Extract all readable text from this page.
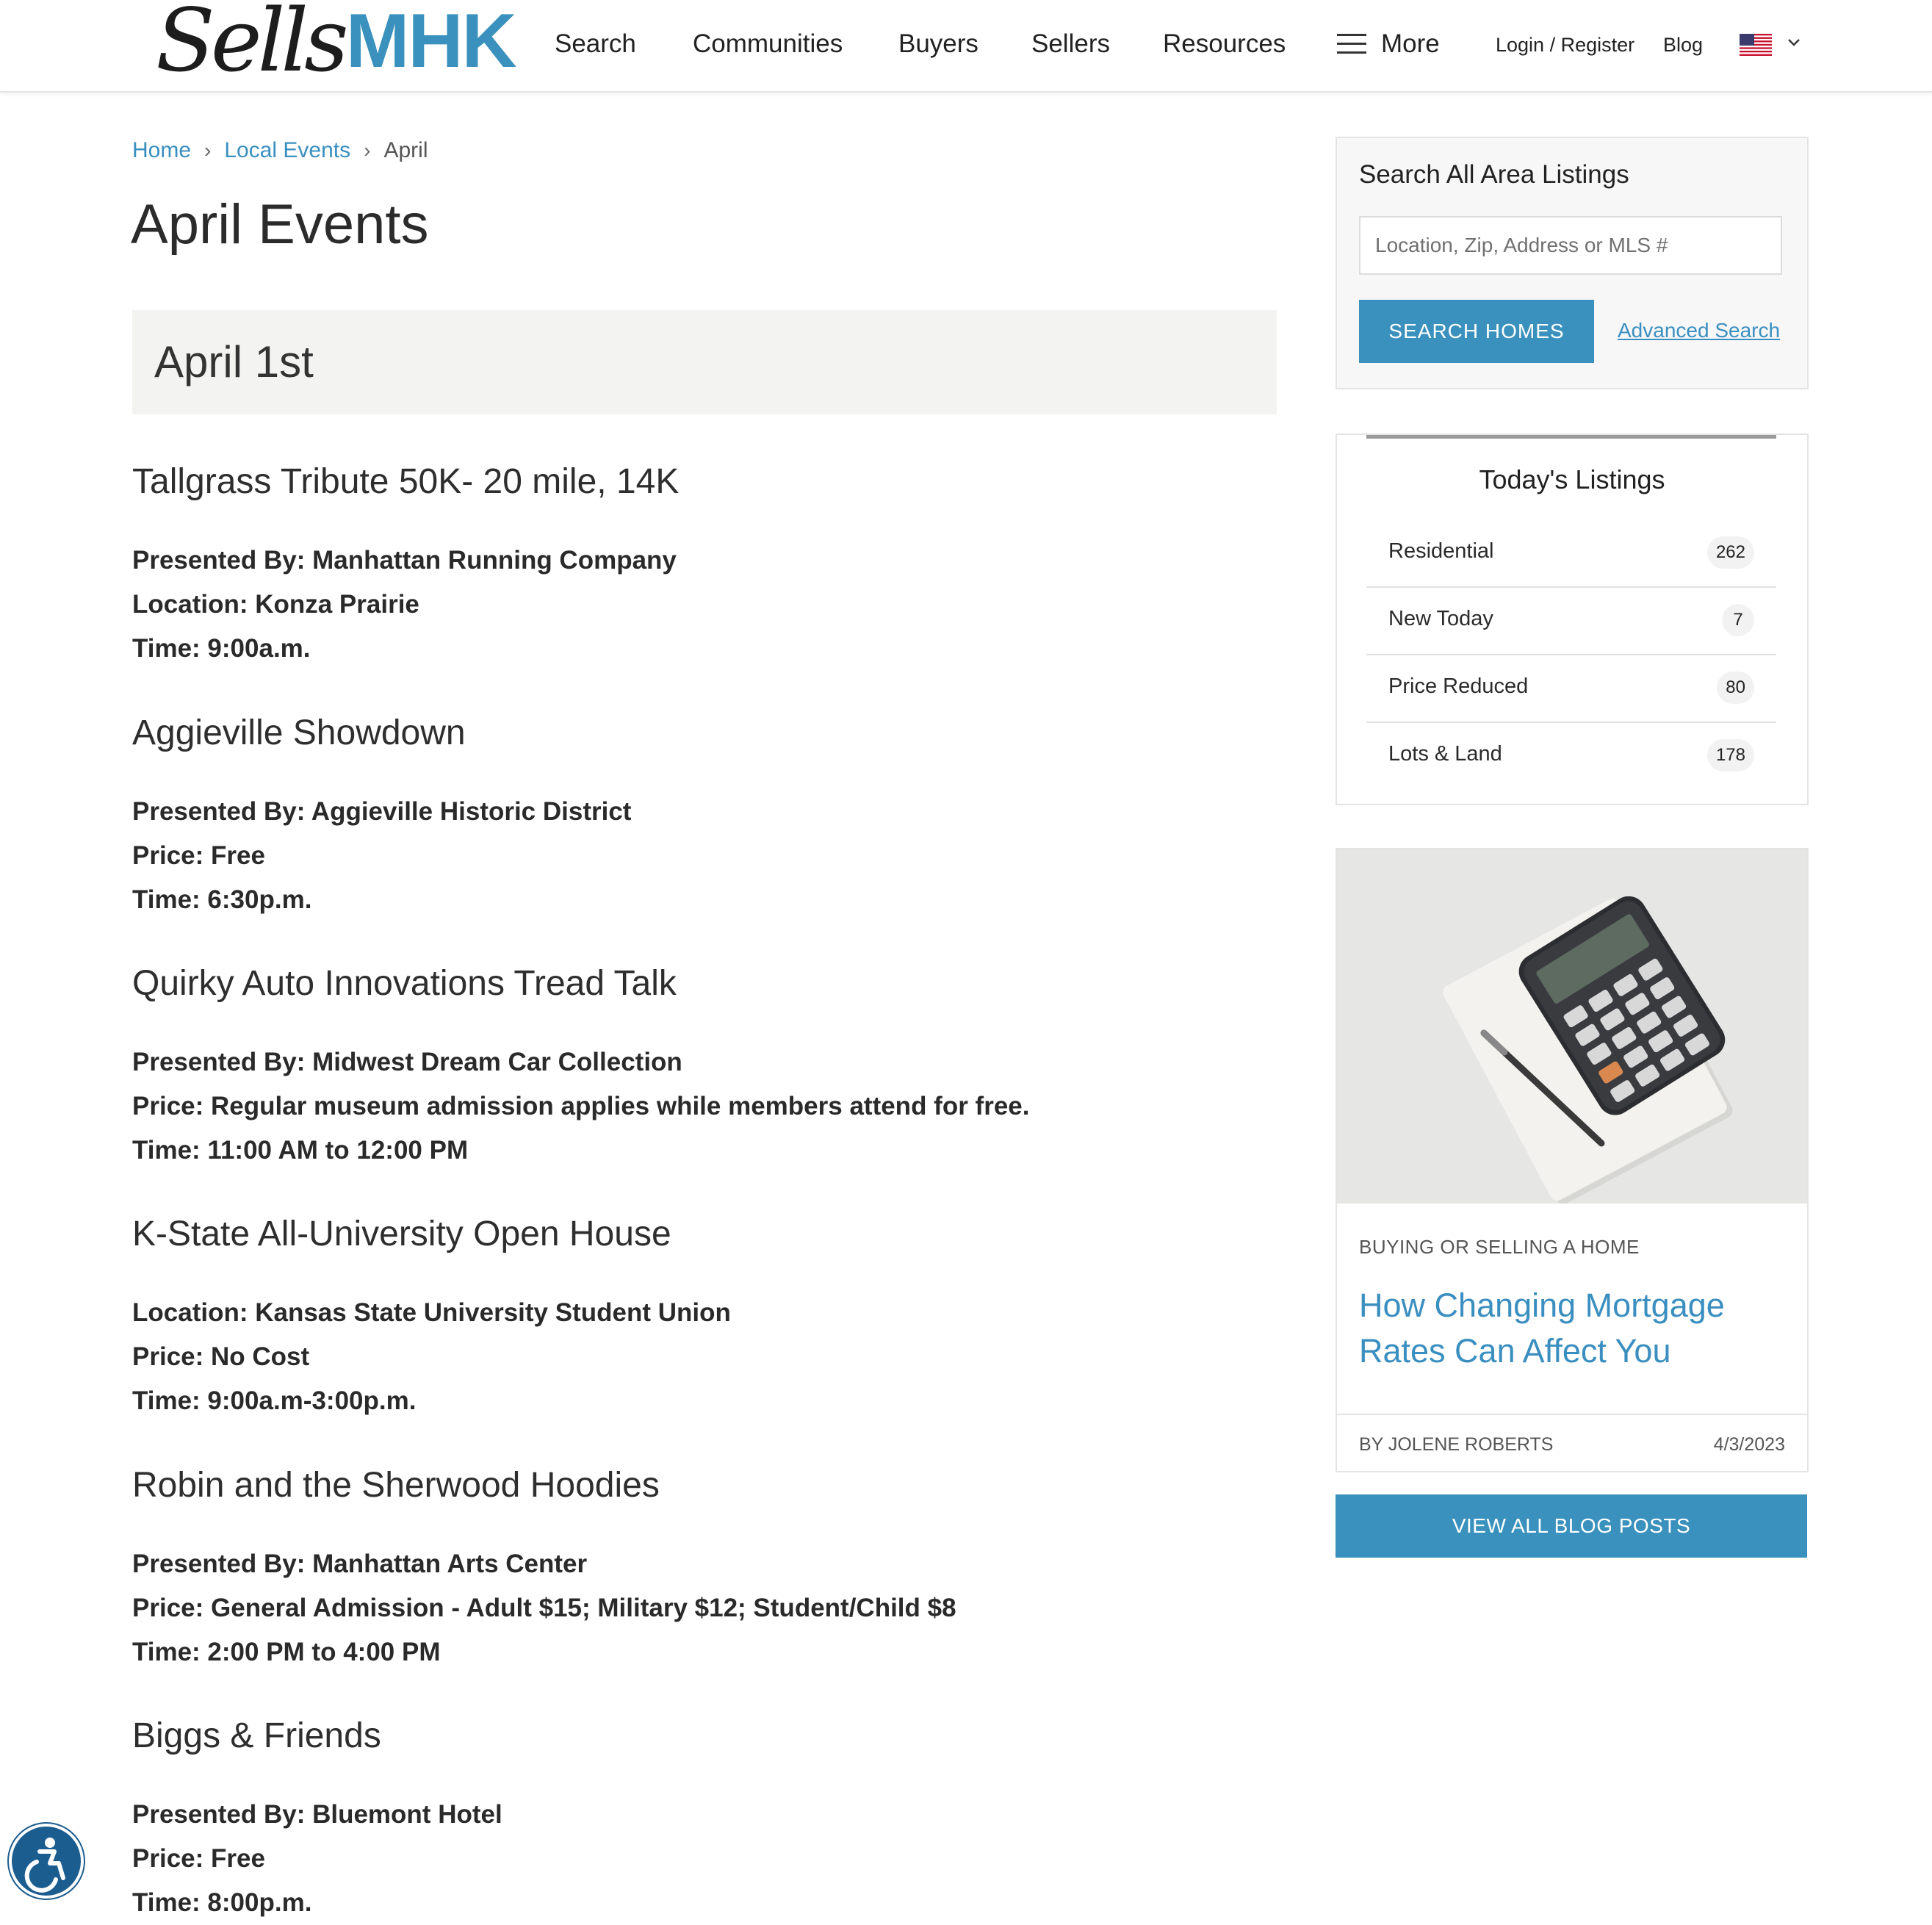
Sells MHK Search Communities Buyers Sellers Resources	More	Login / Register Blog
Home › Local Events › April
April Events
April 1st
Tallgrass Tribute 50K- 20 mile, 14K
Presented By: Manhattan Running Company
Location: Konza Prairie
Time: 9:00a.m.
Aggieville Showdown
Presented By: Aggieville Historic District
Price: Free
Time: 6:30p.m.
Quirky Auto Innovations Tread Talk
Presented By: Midwest Dream Car Collection
Price: Regular museum admission applies while members attend for free.
Time: 11:00 AM to 12:00 PM
K-State All-University Open House
Location: Kansas State University Student Union
Price: No Cost
Time: 9:00a.m-3:00p.m.
Robin and the Sherwood Hoodies
Presented By: Manhattan Arts Center
Price: General Admission - Adult $15; Military $12; Student/Child $8
Time: 2:00 PM to 4:00 PM
Biggs & Friends
Presented By: Bluemont Hotel
Price: Free
Time: 8:00p.m.
Search All Area Listings
Location, Zip, Address or MLS #
SEARCH HOMES	Advanced Search
Today's Listings
Residential	262
New Today	7
Price Reduced	80
Lots & Land	178
BUYING OR SELLING A HOME
How Changing Mortgage Rates Can Affect You
BY JOLENE ROBERTS	4/3/2023
VIEW ALL BLOG POSTS
